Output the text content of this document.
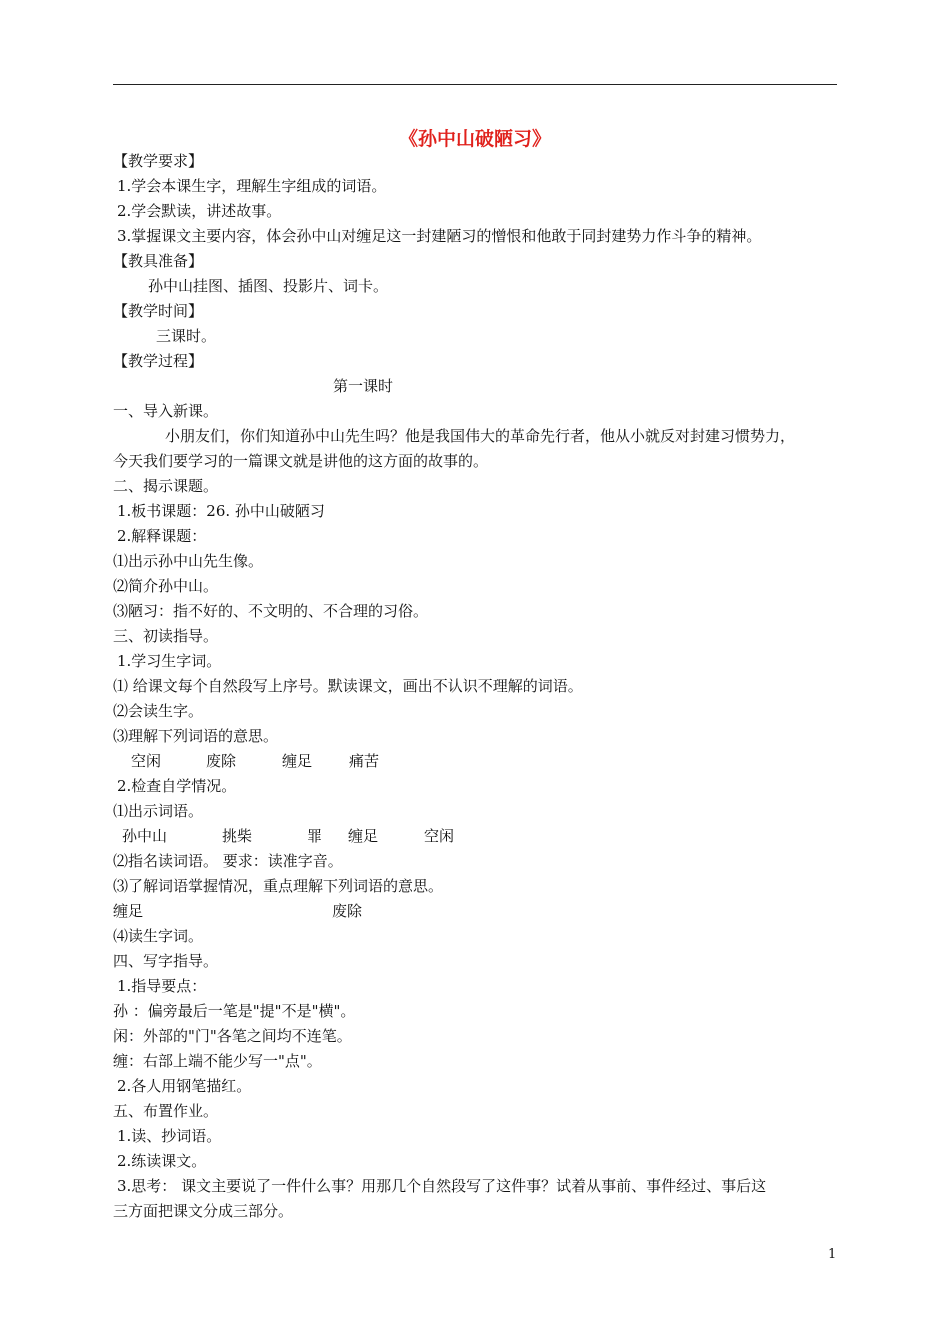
《孙中山破陋习》
【教学要求】
1.学会本课生字，理解生字组成的词语。
2.学会默读，讲述故事。
3.掌握课文主要内容，体会孙中山对缠足这一封建陋习的憎恨和他敢于同封建势力作斗争的精神。
【教具准备】
孙中山挂图、插图、投影片、词卡。
【教学时间】
三课时。
【教学过程】
第一课时
一、导入新课。
小朋友们，你们知道孙中山先生吗？他是我国伟大的革命先行者，他从小就反对封建习惯势力，
今天我们要学习的一篇课文就是讲他的这方面的故事的。
二、揭示课题。
1.板书课题：26. 孙中山破陋习
2.解释课题：
⑴出示孙中山先生像。
⑵简介孙中山。
⑶陋习：指不好的、不文明的、不合理的习俗。
三、初读指导。
1.学习生字词。
⑴ 给课文每个自然段写上序号。默读课文，画出不认识不理解的词语。
⑵会读生字。
⑶理解下列词语的意思。
空闲	废除	缠足 痛苦
2.检查自学情况。
⑴出示词语。
孙中山	挑柴	罪 缠足	空闲
⑵指名读词语。 要求：读准字音。
⑶了解词语掌握情况，重点理解下列词语的意思。
缠足	废除
⑷读生字词。
四、写字指导。
1.指导要点：
孙 ：偏旁最后一笔是"提"不是"横"。
闲：外部的"门"各笔之间均不连笔。
缠：右部上端不能少写一"点"。
2.各人用钢笔描红。
五、布置作业。
1.读、抄词语。
2.练读课文。
3.思考： 课文主要说了一件什么事？用那几个自然段写了这件事？试着从事前、事件经过、事后这
三方面把课文分成三部分。
1
